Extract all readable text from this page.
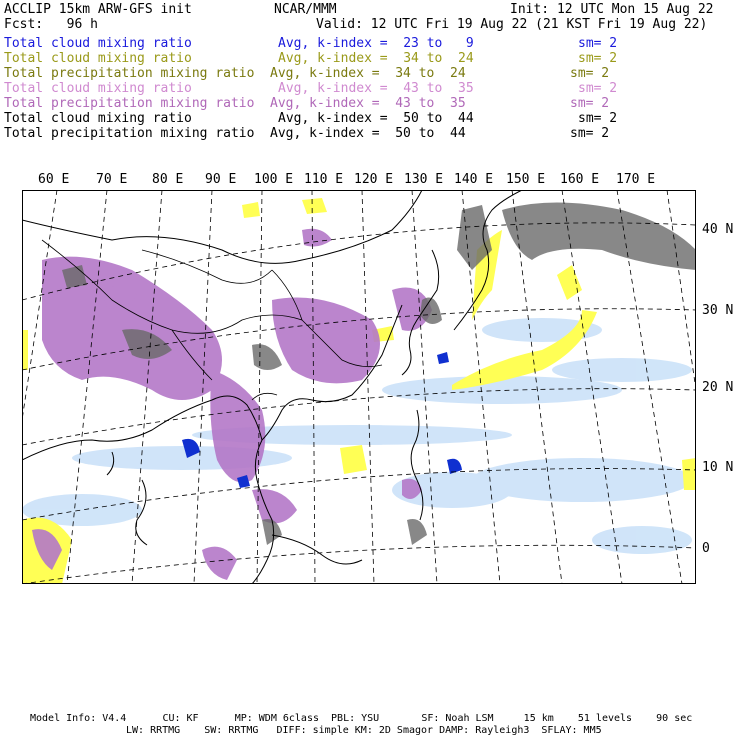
ACCLIP 15km ARW-GFS init	NCAR/MMM	Init: 12 UTC Mon 15 Aug 22
Fcst:   96 h	Valid: 12 UTC Fri 19 Aug 22 (21 KST Fri 19 Aug 22)
Total cloud mixing ratio	Avg, k-index =  23 to   9	sm= 2
Total cloud mixing ratio	Avg, k-index =  34 to  24	sm= 2
Total precipitation mixing ratio Avg, k-index =  34 to  24	sm= 2
Total cloud mixing ratio	Avg, k-index =  43 to  35	sm= 2
Total precipitation mixing ratio Avg, k-index =  43 to  35	sm= 2
Total cloud mixing ratio	Avg, k-index =  50 to  44	sm= 2
Total precipitation mixing ratio Avg, k-index =  50 to  44	sm= 2
60 E 70 E 80 E 90 E 100 E 110 E 120 E 130 E 140 E 150 E 160 E 170 E
40 N
30 N
20 N
10 N
0
Model Info: V4.4      CU: KF      MP: WDM 6class  PBL: YSU       SF: Noah LSM     15 km    51 levels    90 sec
LW: RRTMG    SW: RRTMG   DIFF: simple KM: 2D Smagor DAMP: Rayleigh3  SFLAY: MM5
